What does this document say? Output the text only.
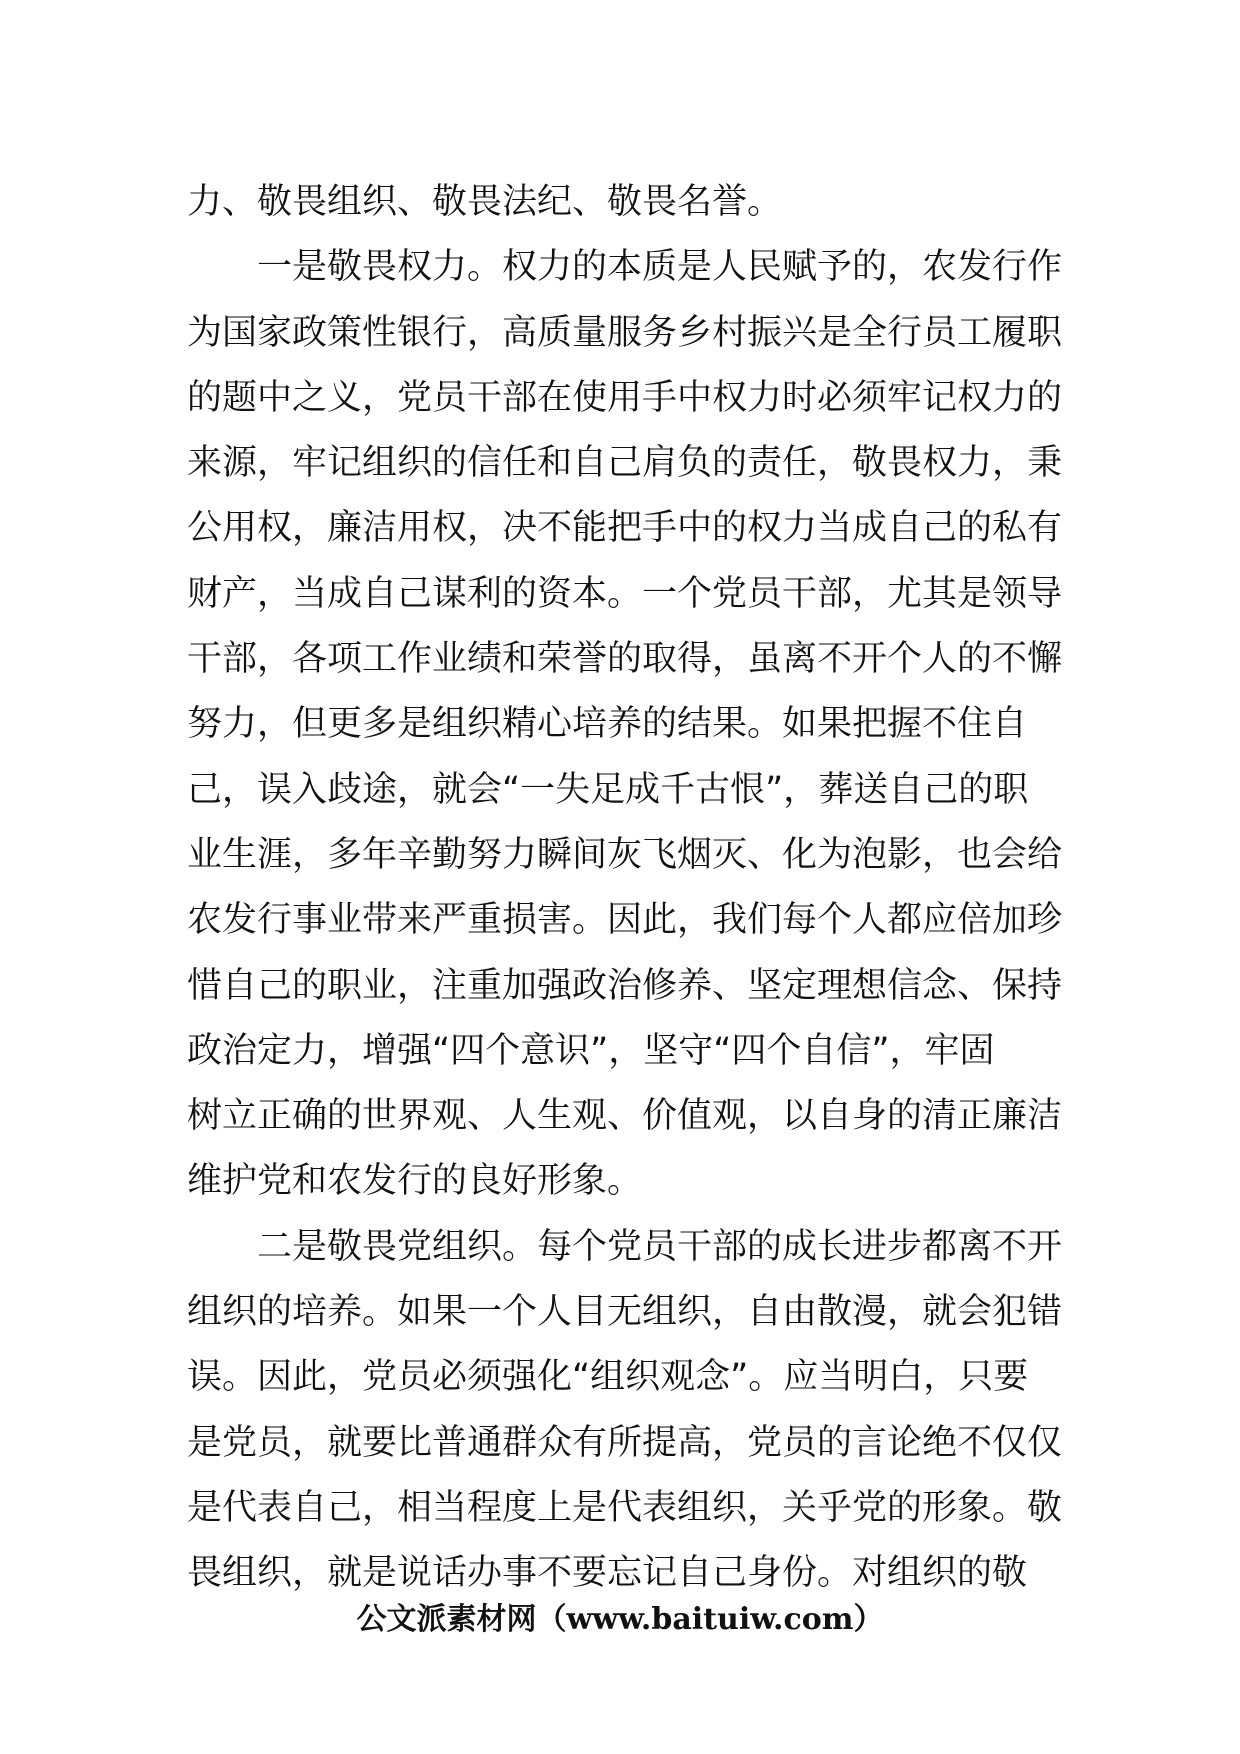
力、敬畏组织、敬畏法纪、敬畏名誉。
　　一是敬畏权力。权力的本质是人民赋予的，农发行作
为国家政策性银行，高质量服务乡村振兴是全行员工履职
的题中之义，党员干部在使用手中权力时必须牢记权力的
来源，牢记组织的信任和自己肩负的责任，敬畏权力，秉
公用权，廉洁用权，决不能把手中的权力当成自己的私有
财产，当成自己谋利的资本。一个党员干部，尤其是领导
干部，各项工作业绩和荣誉的取得，虽离不开个人的不懈
努力，但更多是组织精心培养的结果。如果把握不住自
己，误入歧途，就会“一失足成千古恨”，葬送自己的职
业生涯，多年辛勤努力瞬间灰飞烟灭、化为泡影，也会给
农发行事业带来严重损害。因此，我们每个人都应倍加珍
惜自己的职业，注重加强政治修养、坚定理想信念、保持
政治定力，增强“四个意识”，坚守“四个自信”，牢固
树立正确的世界观、人生观、价值观，以自身的清正廉洁
维护党和农发行的良好形象。
　　二是敬畏党组织。每个党员干部的成长进步都离不开
组织的培养。如果一个人目无组织，自由散漫，就会犯错
误。因此，党员必须强化“组织观念”。应当明白，只要
是党员，就要比普通群众有所提高，党员的言论绝不仅仅
是代表自己，相当程度上是代表组织，关乎党的形象。敬
畏组织，就是说话办事不要忘记自己身份。对组织的敬
公文派素材网（www.baituiw.com）
